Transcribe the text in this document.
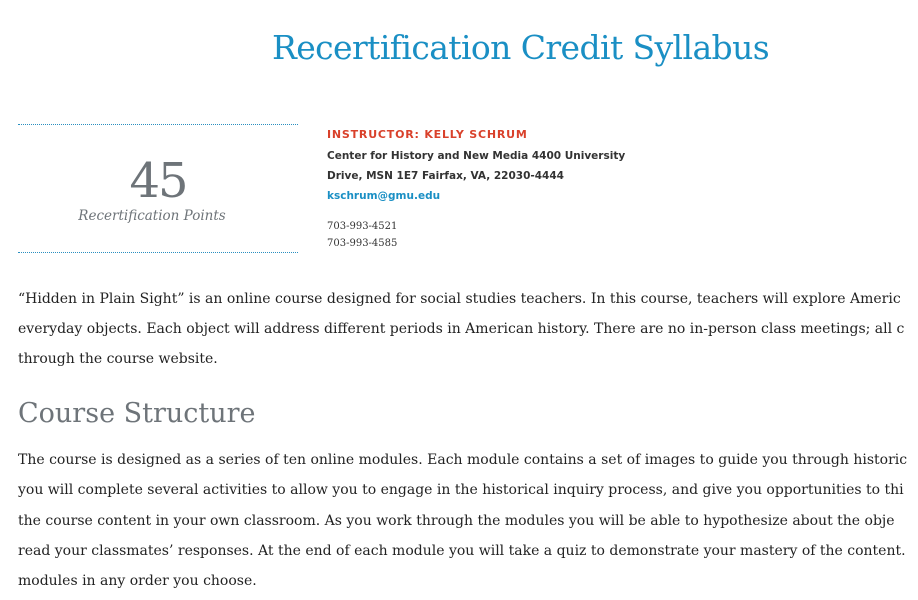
Recertification Credit Syllabus
45
Recertification Points
INSTRUCTOR: KELLY SCHRUM
Center for History and New Media 4400 University
Drive, MSN 1E7 Fairfax, VA, 22030-4444
kschrum@gmu.edu
703-993-4521
703-993-4585

“Hidden in Plain Sight” is an online course designed for social studies teachers. In this course, teachers will explore Americ
everyday objects. Each object will address different periods in American history. There are no in-person class meetings; all c
through the course website.

Course Structure

The course is designed as a series of ten online modules. Each module contains a set of images to guide you through historic
you will complete several activities to allow you to engage in the historical inquiry process, and give you opportunities to thi
the course content in your own classroom. As you work through the modules you will be able to hypothesize about the obje
read your classmates’ responses. At the end of each module you will take a quiz to demonstrate your mastery of the content.
modules in any order you choose.
